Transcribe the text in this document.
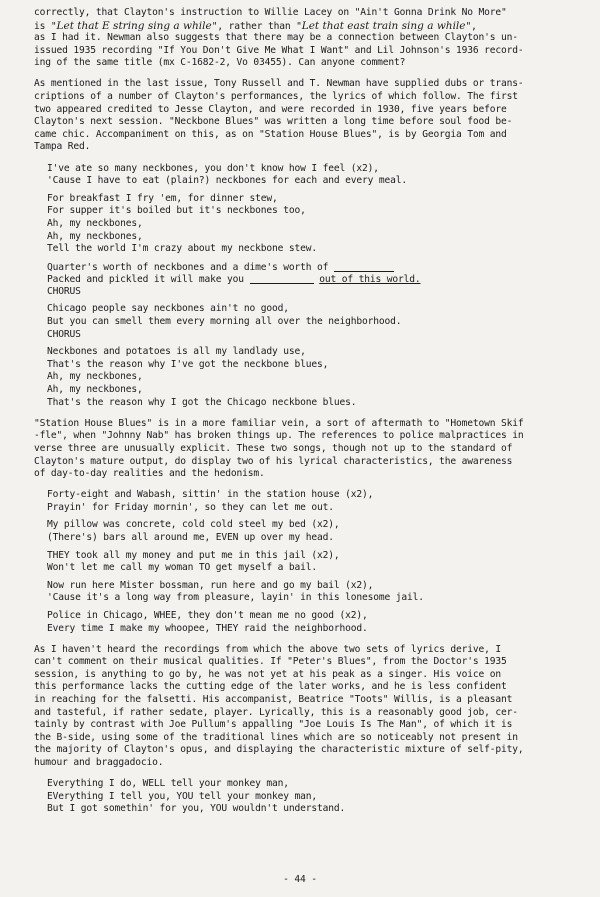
correctly, that Clayton's instruction to Willie Lacey on "Ain't Gonna Drink No More"
is "Let that E string sing a while", rather than "Let that east train sing a while",
as I had it. Newman also suggests that there may be a connection between Clayton's un-
issued 1935 recording "If You Don't Give Me What I Want" and Lil Johnson's 1936 record-
ing of the same title (mx C-1682-2, Vo 03455). Can anyone comment?
As mentioned in the last issue, Tony Russell and T. Newman have supplied dubs or trans-
criptions of a number of Clayton's performances, the lyrics of which follow. The first
two appeared credited to Jesse Clayton, and were recorded in 1930, five years before
Clayton's next session. "Neckbone Blues" was written a long time before soul food be-
came chic. Accompaniment on this, as on "Station House Blues", is by Georgia Tom and
Tampa Red.
I've ate so many neckbones, you don't know how I feel (x2),
'Cause I have to eat (plain?) neckbones for each and every meal.
For breakfast I fry 'em, for dinner stew,
For supper it's boiled but it's neckbones too,
Ah, my neckbones,
Ah, my neckbones,
Tell the world I'm crazy about my neckbone stew.
Quarter's worth of neckbones and a dime's worth of
Packed and pickled it will make you	out of this world.
CHORUS
Chicago people say neckbones ain't no good,
But you can smell them every morning all over the neighborhood.
CHORUS
Neckbones and potatoes is all my landlady use,
That's the reason why I've got the neckbone blues,
Ah, my neckbones,
Ah, my neckbones,
That's the reason why I got the Chicago neckbone blues.
"Station House Blues" is in a more familiar vein, a sort of aftermath to "Hometown Skif
-fle", when "Johnny Nab" has broken things up. The references to police malpractices in
verse three are unusually explicit. These two songs, though not up to the standard of
Clayton's mature output, do display two of his lyrical characteristics, the awareness
of day-to-day realities and the hedonism.
Forty-eight and Wabash, sittin' in the station house (x2),
Prayin' for Friday mornin', so they can let me out.
My pillow was concrete, cold cold steel my bed (x2),
(There's) bars all around me, EVEN up over my head.
THEY took all my money and put me in this jail (x2),
Won't let me call my woman TO get myself a bail.
Now run here Mister bossman, run here and go my bail (x2),
'Cause it's a long way from pleasure, layin' in this lonesome jail.
Police in Chicago, WHEE, they don't mean me no good (x2),
Every time I make my whoopee, THEY raid the neighborhood.
As I haven't heard the recordings from which the above two sets of lyrics derive, I
can't comment on their musical qualities. If "Peter's Blues", from the Doctor's 1935
session, is anything to go by, he was not yet at his peak as a singer. His voice on
this performance lacks the cutting edge of the later works, and he is less confident
in reaching for the falsetti. His accompanist, Beatrice "Toots" Willis, is a pleasant
and tasteful, if rather sedate, player. Lyrically, this is a reasonably good job, cer-
tainly by contrast with Joe Pullum's appalling "Joe Louis Is The Man", of which it is
the B-side, using some of the traditional lines which are so noticeably not present in
the majority of Clayton's opus, and displaying the characteristic mixture of self-pity,
humour and braggadocio.
Everything I do, WELL tell your monkey man,
EVerything I tell you, YOU tell your monkey man,
But I got somethin' for you, YOU wouldn't understand.
- 44 -
